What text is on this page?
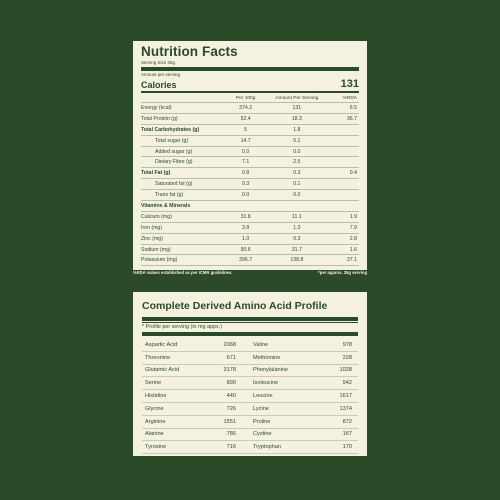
Nutrition Facts
Serving Size 35g
Amount per serving
Calories	131
	Per 100g	Amount Per Serving	%RDA
Energy (kcal)	374.2	131	6.5
Total Protein (g)	52.4	18.3	36.7
Total Carbohydrates (g)	5	1.8	
Total sugar (g)	14.7	5.1	
Added sugar (g)	0.0	0.0	
Dietary Fibre (g)	7.1	2.5	
Total Fat (g)	0.8	0.3	0.4
Saturated fat (g)	0.3	0.1	
Trans fat (g)	0.0	0.0	
Vitamins & Minerals			
Calcium (mg)	31.8	11.1	1.9
Iron (mg)	3.8	1.3	7.9
Zinc (mg)	1.0	0.3	2.8
Sodium (mg)	90.6	31.7	1.6
Potassium (mg)	396.7	138.8	37.1
%RDA values established as per ICMR guidelines.	*per approx. 35g serving
Complete Derived Amino Acid Profile
* Profile per serving (in mg appx.)
Aspartic Acid	2068	Valine	978
Threonine	671	Methionine	228
Glutamic Acid	3178	Phenylalanine	1028
Serine	890	Isoleucine	942
Histidine	440	Leucine	1617
Glycine	726	Lycine	1374
Arginine	1551	Proline	872
Alanine	786	Cystine	167
Tyrosine	716	Tryptophan	170
